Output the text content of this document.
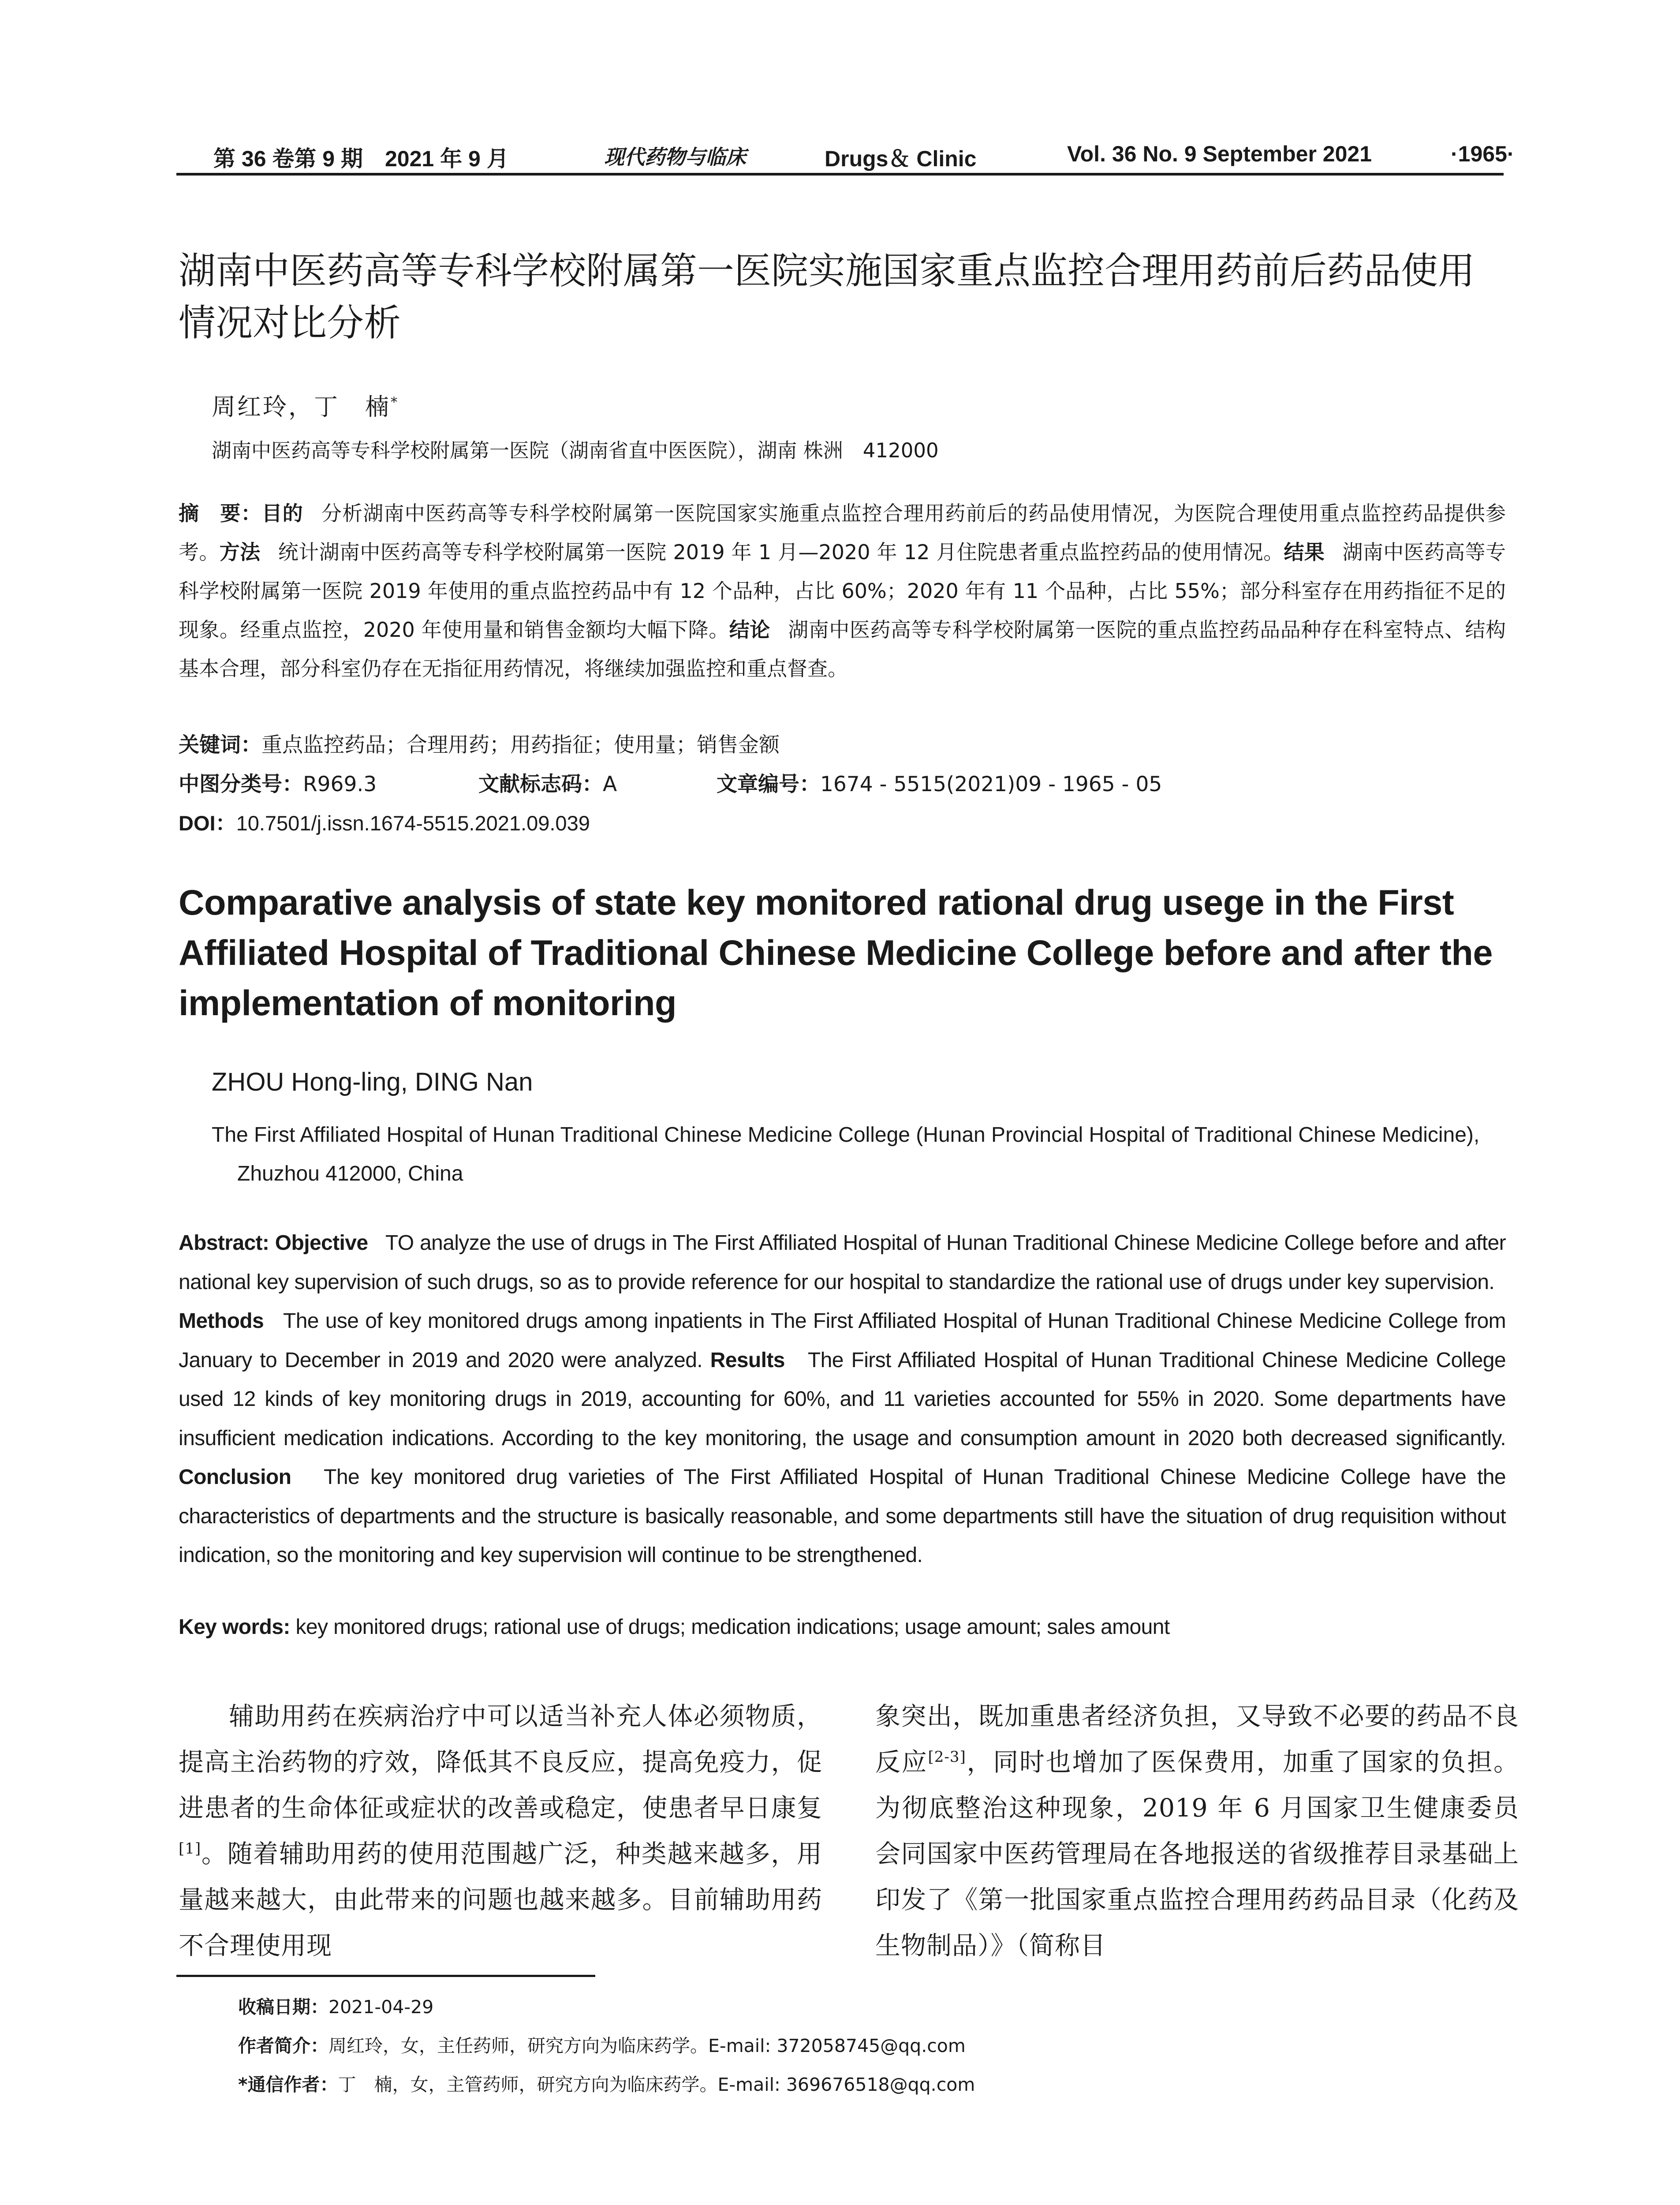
第 36 卷第 9 期　2021 年 9 月	现代药物与临床	Drugs＆ Clinic	Vol. 36 No. 9 September 2021	·1965·
湖南中医药高等专科学校附属第一医院实施国家重点监控合理用药前后药品使用情况对比分析
周红玲，丁　楠*
湖南中医药高等专科学校附属第一医院（湖南省直中医医院），湖南 株洲　412000

摘　要：目的 分析湖南中医药高等专科学校附属第一医院国家实施重点监控合理用药前后的药品使用情况，为医院合理使用重点监控药品提供参考。方法 统计湖南中医药高等专科学校附属第一医院 2019 年 1 月—2020 年 12 月住院患者重点监控药品的使用情况。结果 湖南中医药高等专科学校附属第一医院 2019 年使用的重点监控药品中有 12 个品种，占比 60%；2020 年有 11 个品种，占比 55%；部分科室存在用药指征不足的现象。经重点监控，2020 年使用量和销售金额均大幅下降。结论 湖南中医药高等专科学校附属第一医院的重点监控药品品种存在科室特点、结构基本合理，部分科室仍存在无指征用药情况，将继续加强监控和重点督查。

关键词：重点监控药品；合理用药；用药指征；使用量；销售金额
中图分类号：R969.3	文献标志码：A	文章编号：1674 - 5515(2021)09 - 1965 - 05
DOI：10.7501/j.issn.1674-5515.2021.09.039
Comparative analysis of state key monitored rational drug usege in the First Affiliated Hospital of Traditional Chinese Medicine College before and after the implementation of monitoring
ZHOU Hong-ling, DING Nan
The First Affiliated Hospital of Hunan Traditional Chinese Medicine College (Hunan Provincial Hospital of Traditional Chinese Medicine), Zhuzhou 412000, China

Abstract: Objective TO analyze the use of drugs in The First Affiliated Hospital of Hunan Traditional Chinese Medicine College before and after national key supervision of such drugs, so as to provide reference for our hospital to standardize the rational use of drugs under key supervision.   Methods The use of key monitored drugs among inpatients in The First Affiliated Hospital of Hunan Traditional Chinese Medicine College from January to December in 2019 and 2020 were analyzed. Results The First Affiliated Hospital of Hunan Traditional Chinese Medicine College used 12 kinds of key monitoring drugs in 2019, accounting for 60%, and 11 varieties accounted for 55% in 2020. Some departments have insufficient medication indications. According to the key monitoring, the usage and consumption amount in 2020 both decreased significantly. Conclusion The key monitored drug varieties of The First Affiliated Hospital of Hunan Traditional Chinese Medicine College have the characteristics of departments and the structure is basically reasonable, and some departments still have the situation of drug requisition without indication, so the monitoring and key supervision will continue to be strengthened.

Key words: key monitored drugs; rational use of drugs; medication indications; usage amount; sales amount

辅助用药在疾病治疗中可以适当补充人体必须物质，提高主治药物的疗效，降低其不良反应，提高免疫力，促进患者的生命体征或症状的改善或稳定，使患者早日康复[1]。随着辅助用药的使用范围越广泛，种类越来越多，用量越来越大，由此带来的问题也越来越多。目前辅助用药不合理使用现

象突出，既加重患者经济负担，又导致不必要的药品不良反应[2-3]，同时也增加了医保费用，加重了国家的负担。为彻底整治这种现象，2019 年 6 月国家卫生健康委员会同国家中医药管理局在各地报送的省级推荐目录基础上印发了《第一批国家重点监控合理用药药品目录（化药及生物制品）》（简称目

收稿日期：2021-04-29
作者简介：周红玲，女，主任药师，研究方向为临床药学。E-mail: 372058745@qq.com
*通信作者：丁　楠，女，主管药师，研究方向为临床药学。E-mail: 369676518@qq.com
